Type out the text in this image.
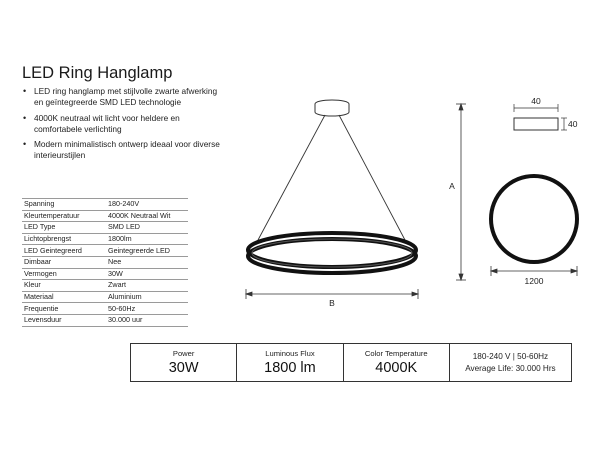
LED Ring Hanglamp
• LED ring hanglamp met stijlvolle zwarte afwerking en geïntegreerde SMD LED technologie
• 4000K neutraal wit licht voor heldere en comfortabele verlichting
• Modern minimalistisch ontwerp ideaal voor diverse interieurstijlen
Spanning	180-240V
Kleurtemperatuur	4000K Neutraal Wit
LED Type	SMD LED
Lichtopbrengst	1800lm
LED Geintegreerd	Geintegreerde LED
Dimbaar	Nee
Vermogen	30W
Kleur	Zwart
Materiaal	Aluminium
Frequentie	50-60Hz
Levensduur	30.000 uur
B
A
40
40
1200
Power
30W
Luminous Flux
1800 lm
Color Temperature
4000K
180-240 V | 50-60Hz
Average Life: 30.000 Hrs
